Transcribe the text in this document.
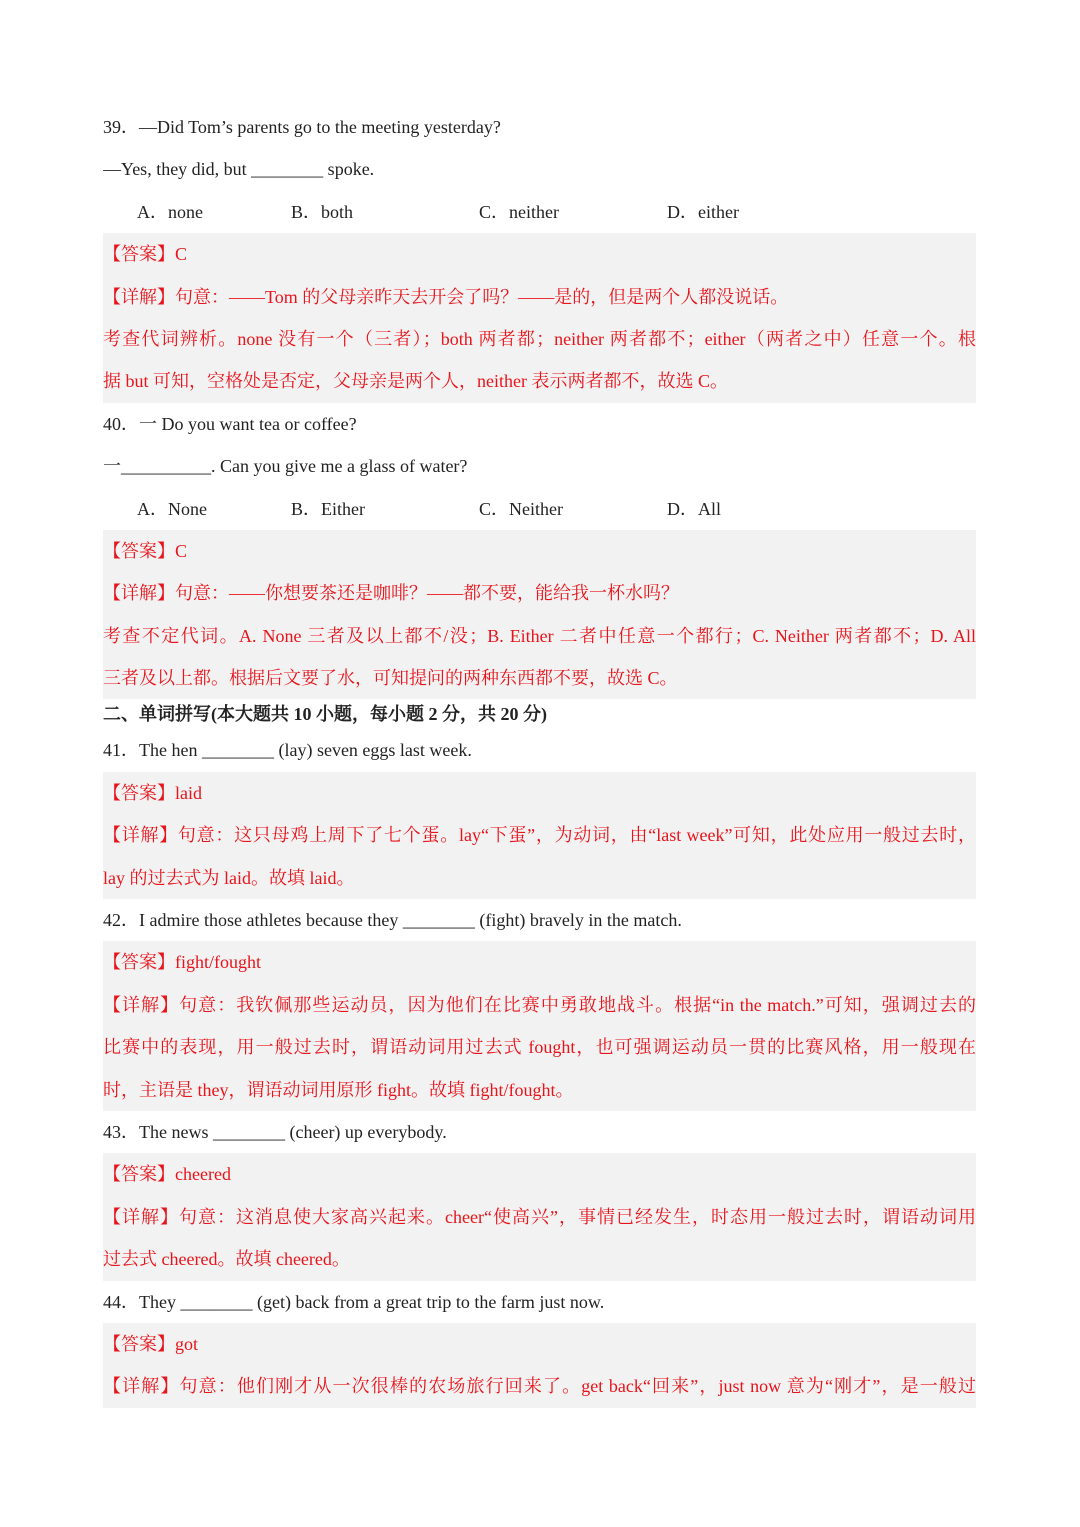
39．—Did Tom’s parents go to the meeting yesterday?
—Yes, they did, but ________ spoke.
A．none	B．both	C．neither	D．either
【答案】C
【详解】句意：——Tom 的父母亲昨天去开会了吗？——是的，但是两个人都没说话。
考查代词辨析。none 没有一个（三者）；both 两者都；neither 两者都不；either（两者之中）任意一个。根
据 but 可知，空格处是否定，父母亲是两个人，neither 表示两者都不，故选 C。
40．一 Do you want tea or coffee?
一__________. Can you give me a glass of water?
A．None	B．Either	C．Neither	D．All
【答案】C
【详解】句意：——你想要茶还是咖啡？——都不要，能给我一杯水吗？
考查不定代词。A. None 三者及以上都不/没；B. Either 二者中任意一个都行；C. Neither 两者都不；D. All
三者及以上都。根据后文要了水，可知提问的两种东西都不要，故选 C。
二、单词拼写(本大题共 10 小题，每小题 2 分，共 20 分)
41．The hen ________ (lay) seven eggs last week.
【答案】laid
【详解】句意：这只母鸡上周下了七个蛋。lay“下蛋”，为动词，由“last week”可知，此处应用一般过去时，
lay 的过去式为 laid。故填 laid。
42．I admire those athletes because they ________ (fight) bravely in the match.
【答案】fight/fought
【详解】句意：我钦佩那些运动员，因为他们在比赛中勇敢地战斗。根据“in the match.”可知，强调过去的
比赛中的表现，用一般过去时，谓语动词用过去式 fought，也可强调运动员一贯的比赛风格，用一般现在
时，主语是 they，谓语动词用原形 fight。故填 fight/fought。
43．The news ________ (cheer) up everybody.
【答案】cheered
【详解】句意：这消息使大家高兴起来。cheer“使高兴”，事情已经发生，时态用一般过去时，谓语动词用
过去式 cheered。故填 cheered。
44．They ________ (get) back from a great trip to the farm just now.
【答案】got
【详解】句意：他们刚才从一次很棒的农场旅行回来了。get back“回来”，just now 意为“刚才”，是一般过
